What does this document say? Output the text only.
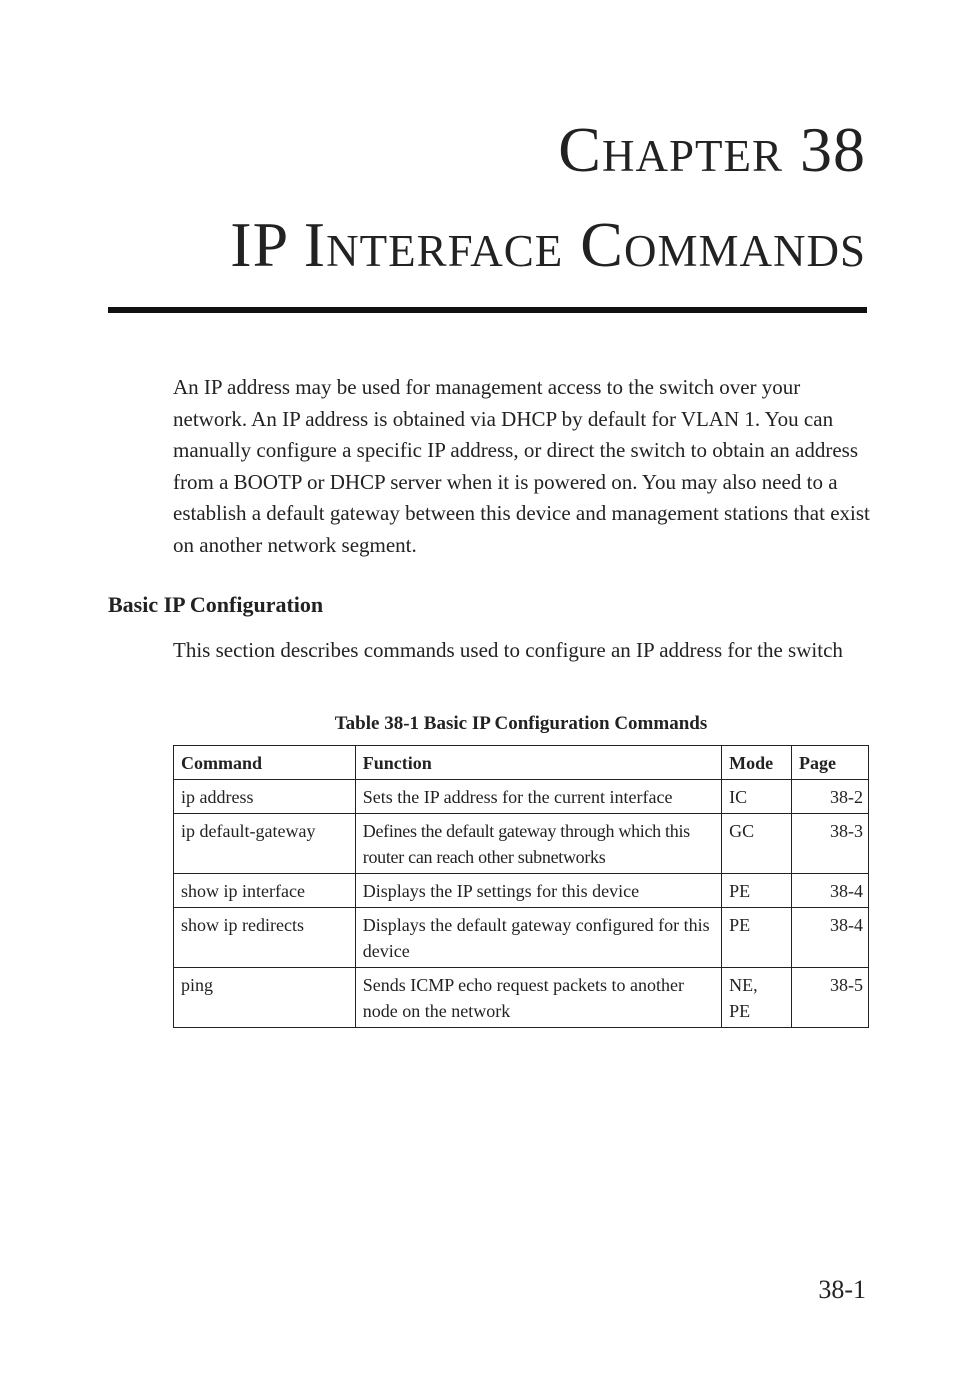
Chapter 38
IP Interface Commands

An IP address may be used for management access to the switch over your network. An IP address is obtained via DHCP by default for VLAN 1. You can manually configure a specific IP address, or direct the switch to obtain an address from a BOOTP or DHCP server when it is powered on. You may also need to a establish a default gateway between this device and management stations that exist on another network segment.

Basic IP Configuration

This section describes commands used to configure an IP address for the switch

Table 38-1 Basic IP Configuration Commands
Command	Function	Mode	Page
ip address	Sets the IP address for the current interface	IC	38-2
ip default-gateway	Defines the default gateway through which this router can reach other subnetworks	GC	38-3
show ip interface	Displays the IP settings for this device	PE	38-4
show ip redirects	Displays the default gateway configured for this device	PE	38-4
ping	Sends ICMP echo request packets to another node on the network	NE, PE	38-5
38-1
